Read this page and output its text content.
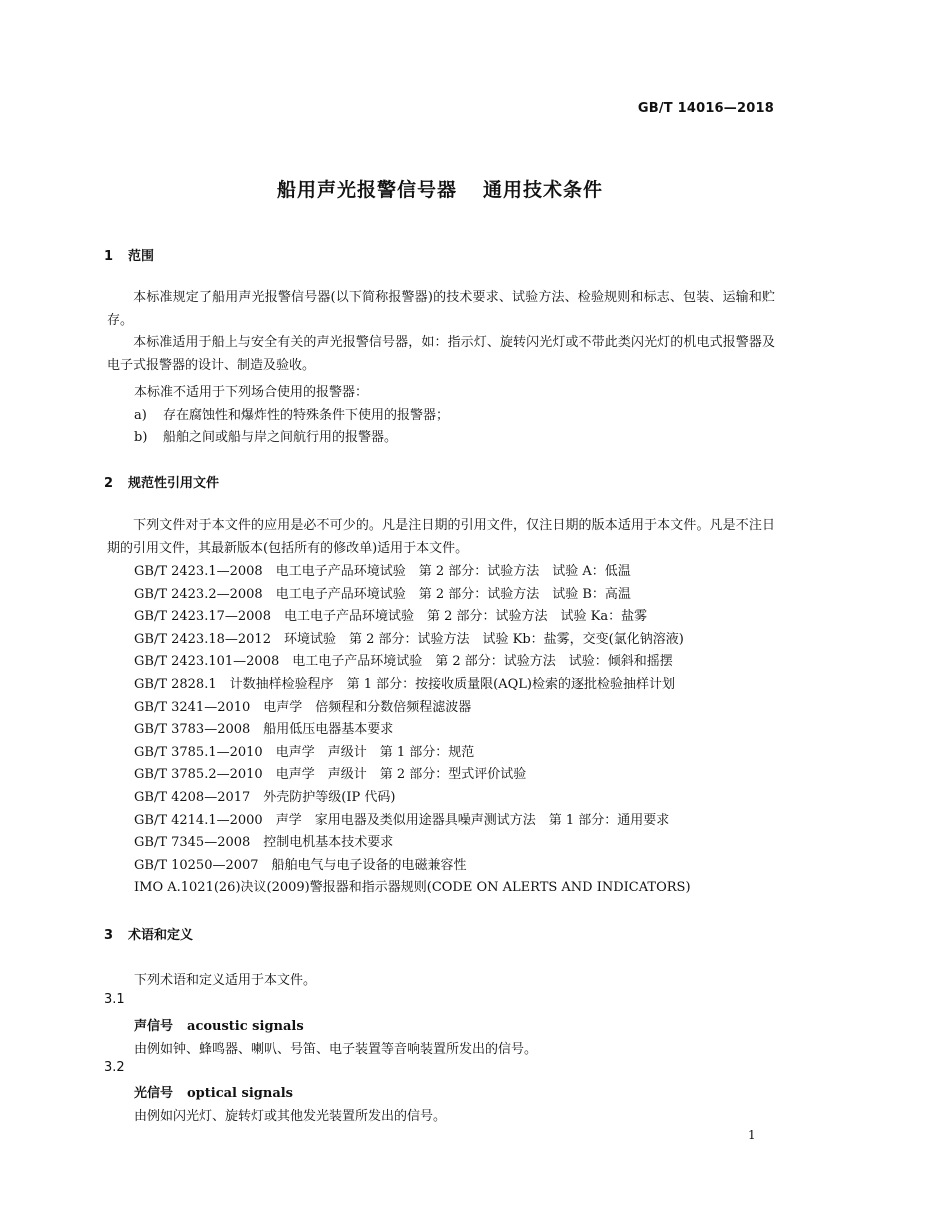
GB/T 14016—2018
船用声光报警信号器 通用技术条件
1 范围
本标准规定了船用声光报警信号器(以下简称报警器)的技术要求、试验方法、检验规则和标志、包装、运输和贮存。
本标准适用于船上与安全有关的声光报警信号器，如：指示灯、旋转闪光灯或不带此类闪光灯的机电式报警器及电子式报警器的设计、制造及验收。
本标准不适用于下列场合使用的报警器：
a) 存在腐蚀性和爆炸性的特殊条件下使用的报警器；
b) 船舶之间或船与岸之间航行用的报警器。
2 规范性引用文件
下列文件对于本文件的应用是必不可少的。凡是注日期的引用文件，仅注日期的版本适用于本文件。凡是不注日期的引用文件，其最新版本(包括所有的修改单)适用于本文件。
GB/T 2423.1—2008　电工电子产品环境试验　第 2 部分：试验方法　试验 A：低温
GB/T 2423.2—2008　电工电子产品环境试验　第 2 部分：试验方法　试验 B：高温
GB/T 2423.17—2008　电工电子产品环境试验　第 2 部分：试验方法　试验 Ka：盐雾
GB/T 2423.18—2012　环境试验　第 2 部分：试验方法　试验 Kb：盐雾，交变(氯化钠溶液)
GB/T 2423.101—2008　电工电子产品环境试验　第 2 部分：试验方法　试验：倾斜和摇摆
GB/T 2828.1　计数抽样检验程序　第 1 部分：按接收质量限(AQL)检索的逐批检验抽样计划
GB/T 3241—2010　电声学　倍频程和分数倍频程滤波器
GB/T 3783—2008　船用低压电器基本要求
GB/T 3785.1—2010　电声学　声级计　第 1 部分：规范
GB/T 3785.2—2010　电声学　声级计　第 2 部分：型式评价试验
GB/T 4208—2017　外壳防护等级(IP 代码)
GB/T 4214.1—2000　声学　家用电器及类似用途器具噪声测试方法　第 1 部分：通用要求
GB/T 7345—2008　控制电机基本技术要求
GB/T 10250—2007　船舶电气与电子设备的电磁兼容性
IMO A.1021(26)决议(2009)警报器和指示器规则(CODE ON ALERTS AND INDICATORS)
3 术语和定义
下列术语和定义适用于本文件。
3.1
声信号 acoustic signals
由例如钟、蜂鸣器、喇叭、号笛、电子装置等音响装置所发出的信号。
3.2
光信号 optical signals
由例如闪光灯、旋转灯或其他发光装置所发出的信号。
1
